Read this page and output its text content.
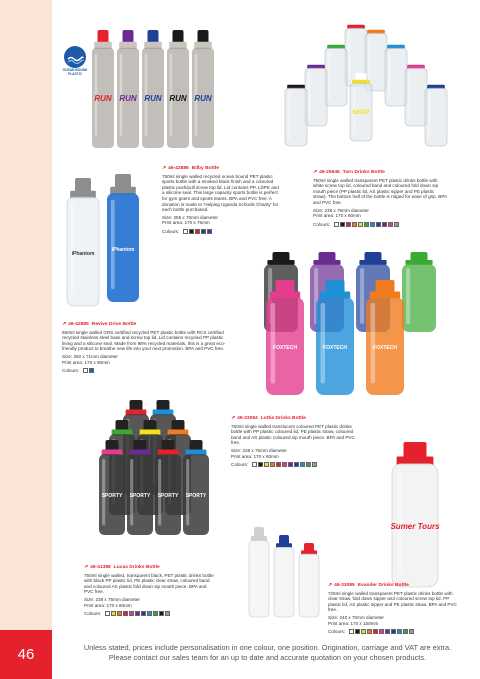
46
OCEAN BOUND PLASTIC
RUN RUN RUN RUN RUN
SHOP
iPhantom
iPhantom
FOXTECH	FOXTECH	FOXTECH
SPORTY SPORTY SPORTY SPORTY
Sumer Tours
↗ 46-42886 Bilby Bottle
750ml single walled recycled ocean bound PET plastic sports bottle with a smoked black finish and a coloured plastic push/pull screw top lid. Lid contains PP, LDPE and a silicone seal. This large capacity sports bottle is perfect for gym goers and sports teams. BPA and PVC free. A donation is made to 'Helping Uganda Schools Charity' for each bottle purchased.
Size: 255 x 70mm diameter
Print area: 170 x 75mm
Colours:
↗ 46-25645 Tarn Drinks Bottle
750ml single walled transparent PET plastic drinks bottle with white screw top lid, coloured band and coloured fold down sip mouth piece (PP plastic lid, AS plastic sipper and PE plastic straw). The bottom half of the bottle is ridged for ease of grip. BPA and PVC free.
Size: 238 x 75mm diameter
Print area: 170 x 60mm
Colours:
↗ 46-42885 Revive Drive Bottle
650ml single walled GRS certified recycled PET plastic bottle with RCS certified recycled stainless steel base and screw top lid. Lid contains recycled PP plastic lining and a silicone seal. Made from 98% recycled materials, this is a great eco-friendly product to breathe new life into your next promotion. BPA and PVC free.
Size: 250 x 71mm diameter
Print area: 170 x 90mm
Colours:
↗ 46-33084 Lottie Drinks Bottle
750ml single walled translucent coloured PET plastic drinks bottle with PP plastic coloured lid, PE plastic straw, coloured band and AS plastic coloured sip mouth piece. BPA and PVC free.
Size: 238 x 75mm diameter
Print area: 170 x 60mm
Colours:
↗ 46-41388 Lucas Drinks Bottle
750ml single walled, transparent black, PET plastic drinks bottle with black PP plastic lid, PE plastic clear straw, coloured band and coloured AS plastic fold down sip mouth piece. BPA and PVC free.
Size: 238 x 75mm diameter
Print area: 170 x 60mm
Colours:
↗ 46-33085 Evander Drinks Bottle
725ml single walled transparent PET plastic drinks bottle with clear straw, fold down sipper and coloured screw top lid. PP plastic lid, AS plastic sipper and PE plastic straw. BPA and PVC free.
Size: 240 x 70mm diameter
Print area: 170 x 150mm
Colours:
Unless stated, prices include personalisation in one colour, one position. Origination, carriage and VAT are extra.
Please contact our sales team for an up to date and accurate quotation on your chosen products.
